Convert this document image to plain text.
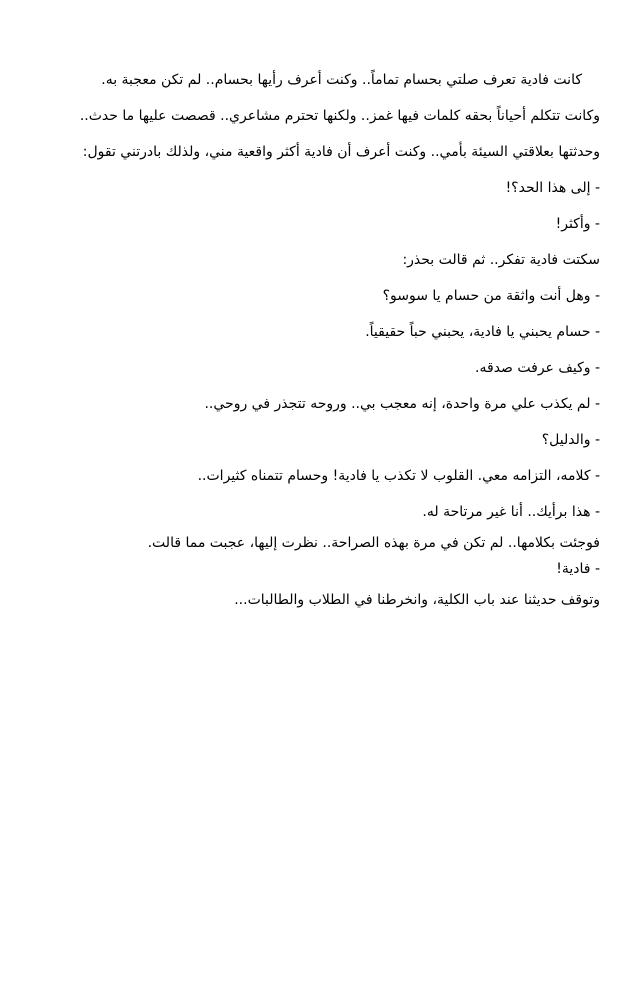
كانت فادية تعرف صلتي بحسام تماماً.. وكنت أعرف رأيها بحسام.. لم تكن معجبة به.
وكانت تتكلم أحياناً بحقه كلمات فيها غمز.. ولكنها تحترم مشاعري.. قصصت عليها ما حدث..
وحدثتها بعلاقتي السيئة بأمي.. وكنت أعرف أن فادية أكثر واقعية مني، ولذلك بادرتني تقول:

- إلى هذا الحد؟!
- وأكثر!
سكتت فادية تفكر.. ثم قالت بحذر:
- وهل أنت واثقة من حسام يا سوسو؟
- حسام يحبني يا فادية، يحبني حباً حقيقياً.
- وكيف عرفت صدقه.
- لم يكذب علي مرة واحدة، إنه معجب بي.. وروحه تتجذر في روحي..
- والدليل؟
- كلامه، التزامه معي. القلوب لا تكذب يا فادية! وحسام تتمناه كثيرات..
- هذا برأيك.. أنا غير مرتاحة له.
فوجئت بكلامها.. لم تكن في مرة بهذه الصراحة.. نظرت إليها، عجبت مما قالت.
- فادية!
وتوقف حديثنا عند باب الكلية، وانخرطنا في الطلاب والطالبات...
